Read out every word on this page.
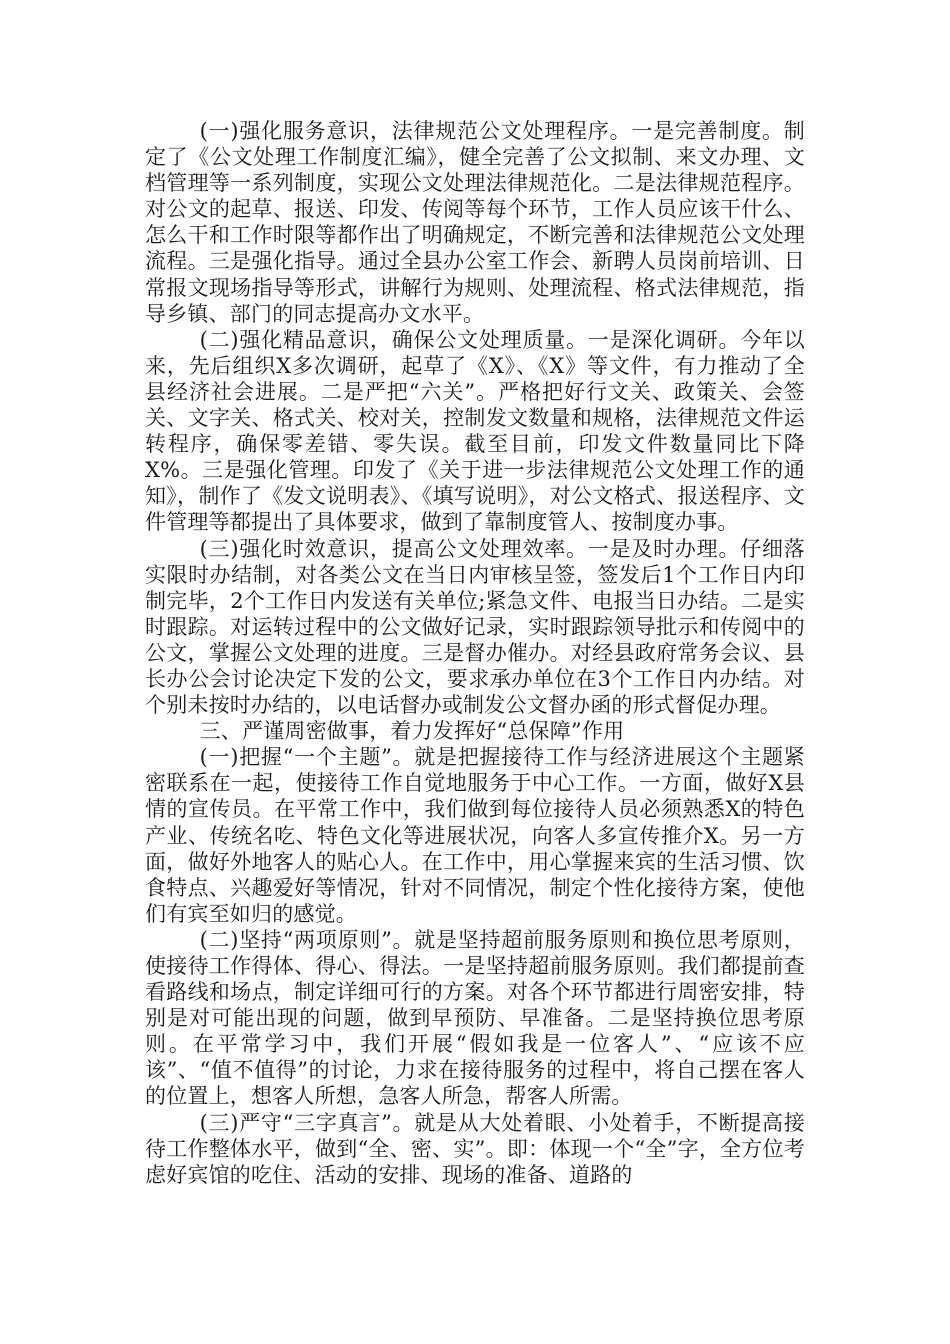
(一)强化服务意识，法律规范公文处理程序。一是完善制度。制定了《公文处理工作制度汇编》，健全完善了公文拟制、来文办理、文档管理等一系列制度，实现公文处理法律规范化。二是法律规范程序。对公文的起草、报送、印发、传阅等每个环节，工作人员应该干什么、怎么干和工作时限等都作出了明确规定，不断完善和法律规范公文处理流程。三是强化指导。通过全县办公室工作会、新聘人员岗前培训、日常报文现场指导等形式，讲解行为规则、处理流程、格式法律规范，指导乡镇、部门的同志提高办文水平。

(二)强化精品意识，确保公文处理质量。一是深化调研。今年以来，先后组织X多次调研，起草了《X》、《X》等文件，有力推动了全县经济社会进展。二是严把“六关”。严格把好行文关、政策关、会签关、文字关、格式关、校对关，控制发文数量和规格，法律规范文件运转程序，确保零差错、零失误。截至目前，印发文件数量同比下降X%。三是强化管理。印发了《关于进一步法律规范公文处理工作的通知》，制作了《发文说明表》、《填写说明》，对公文格式、报送程序、文件管理等都提出了具体要求，做到了靠制度管人、按制度办事。

(三)强化时效意识，提高公文处理效率。一是及时办理。仔细落实限时办结制，对各类公文在当日内审核呈签，签发后1个工作日内印制完毕，2个工作日内发送有关单位;紧急文件、电报当日办结。二是实时跟踪。对运转过程中的公文做好记录，实时跟踪领导批示和传阅中的公文，掌握公文处理的进度。三是督办催办。对经县政府常务会议、县长办公会讨论决定下发的公文，要求承办单位在3个工作日内办结。对个别未按时办结的，以电话督办或制发公文督办函的形式督促办理。

三、严谨周密做事，着力发挥好“总保障”作用

(一)把握“一个主题”。就是把握接待工作与经济进展这个主题紧密联系在一起，使接待工作自觉地服务于中心工作。一方面，做好X县情的宣传员。在平常工作中，我们做到每位接待人员必须熟悉X的特色产业、传统名吃、特色文化等进展状况，向客人多宣传推介X。另一方面，做好外地客人的贴心人。在工作中，用心掌握来宾的生活习惯、饮食特点、兴趣爱好等情况，针对不同情况，制定个性化接待方案，使他们有宾至如归的感觉。

(二)坚持“两项原则”。就是坚持超前服务原则和换位思考原则，使接待工作得体、得心、得法。一是坚持超前服务原则。我们都提前查看路线和场点，制定详细可行的方案。对各个环节都进行周密安排，特别是对可能出现的问题，做到早预防、早准备。二是坚持换位思考原则。在平常学习中，我们开展“假如我是一位客人”、“应该不应该”、“值不值得”的讨论，力求在接待服务的过程中，将自己摆在客人的位置上，想客人所想，急客人所急，帮客人所需。

(三)严守“三字真言”。就是从大处着眼、小处着手，不断提高接待工作整体水平，做到“全、密、实”。即：体现一个“全”字，全方位考虑好宾馆的吃住、活动的安排、现场的准备、道路的
